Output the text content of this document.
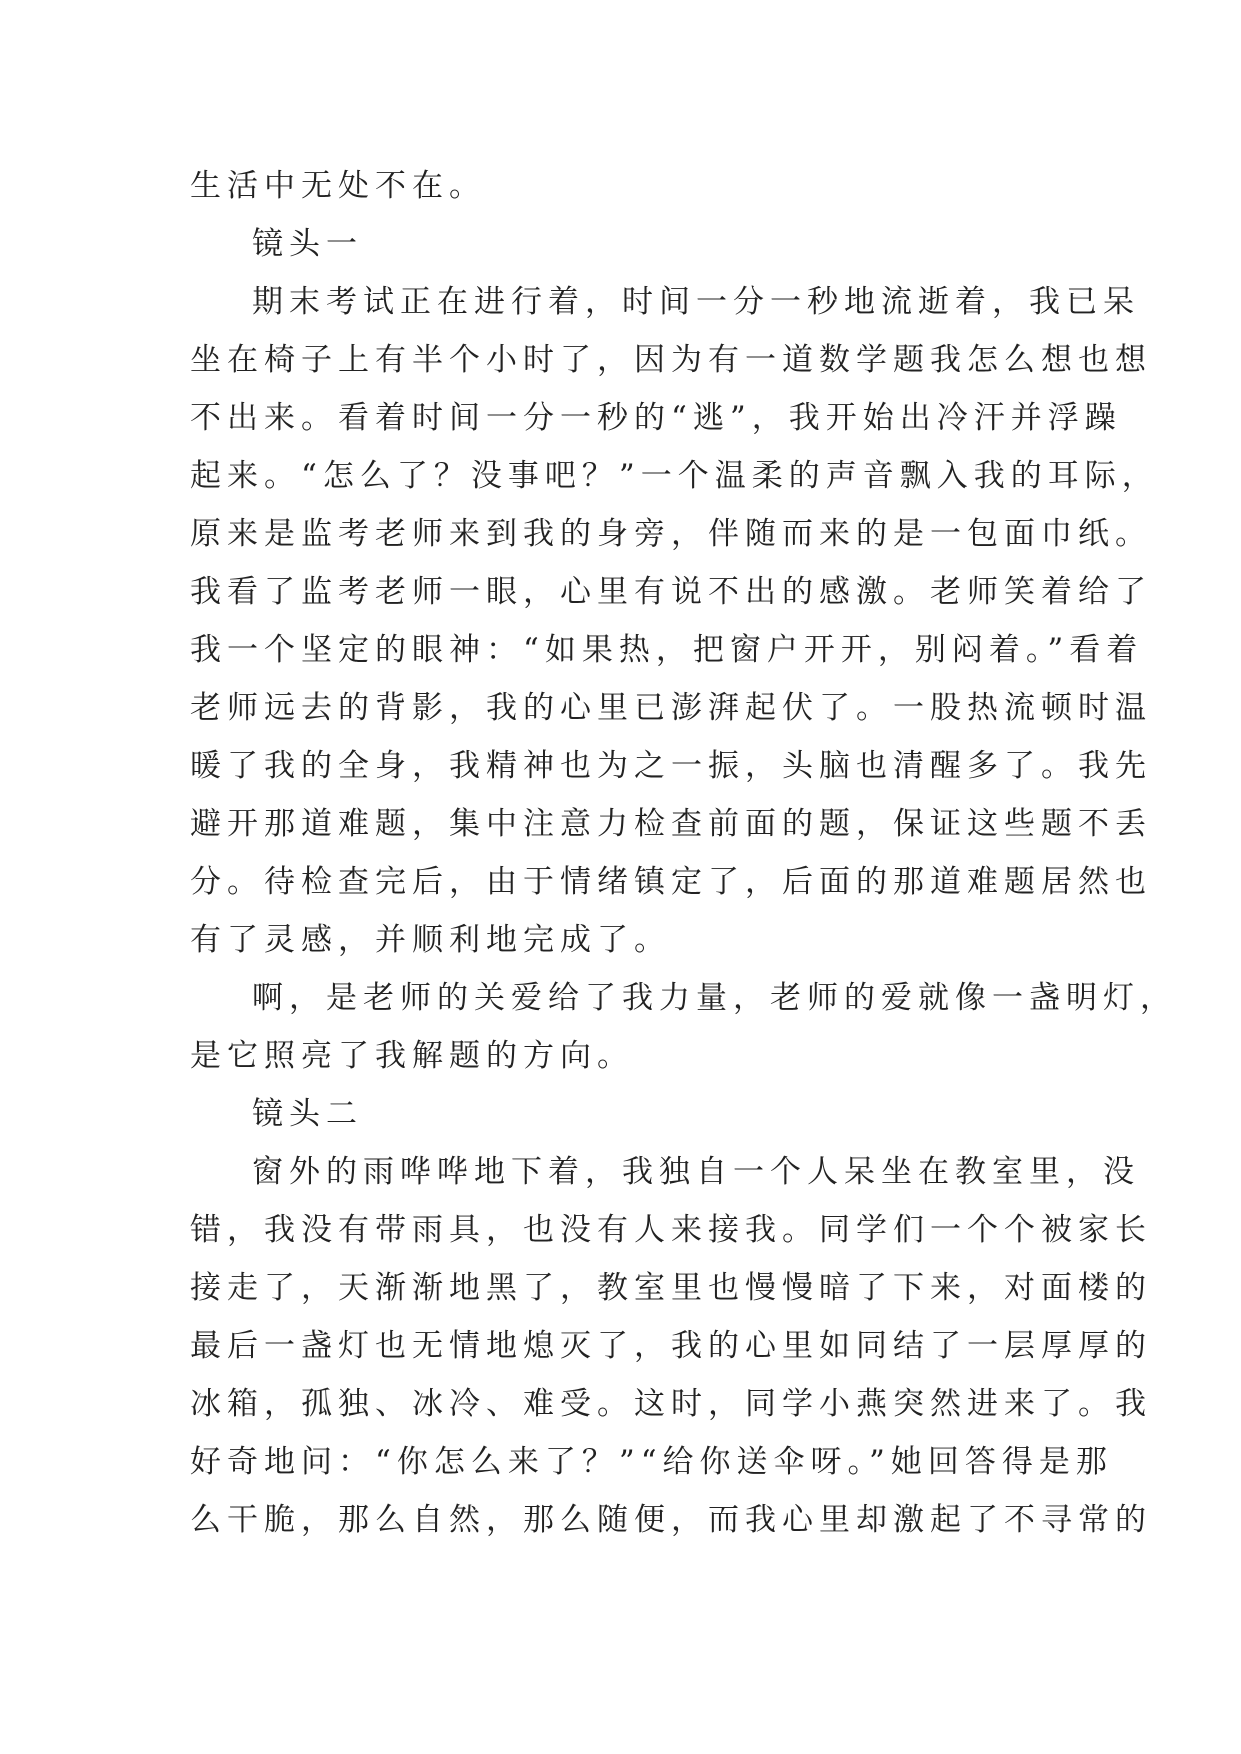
生活中无处不在。
镜头一
期末考试正在进行着，时间一分一秒地流逝着，我已呆
坐在椅子上有半个小时了，因为有一道数学题我怎么想也想
不出来。看着时间一分一秒的“逃”，我开始出冷汗并浮躁
起来。“怎么了？没事吧？”一个温柔的声音飘入我的耳际，
原来是监考老师来到我的身旁，伴随而来的是一包面巾纸。
我看了监考老师一眼，心里有说不出的感激。老师笑着给了
我一个坚定的眼神：“如果热，把窗户开开，别闷着。”看着
老师远去的背影，我的心里已澎湃起伏了。一股热流顿时温
暖了我的全身，我精神也为之一振，头脑也清醒多了。我先
避开那道难题，集中注意力检查前面的题，保证这些题不丢
分。待检查完后，由于情绪镇定了，后面的那道难题居然也
有了灵感，并顺利地完成了。
啊，是老师的关爱给了我力量，老师的爱就像一盏明灯，
是它照亮了我解题的方向。
镜头二
窗外的雨哗哗地下着，我独自一个人呆坐在教室里，没
错，我没有带雨具，也没有人来接我。同学们一个个被家长
接走了，天渐渐地黑了，教室里也慢慢暗了下来，对面楼的
最后一盏灯也无情地熄灭了，我的心里如同结了一层厚厚的
冰箱，孤独、冰冷、难受。这时，同学小燕突然进来了。我
好奇地问：“你怎么来了？”“给你送伞呀。”她回答得是那
么干脆，那么自然，那么随便，而我心里却激起了不寻常的
